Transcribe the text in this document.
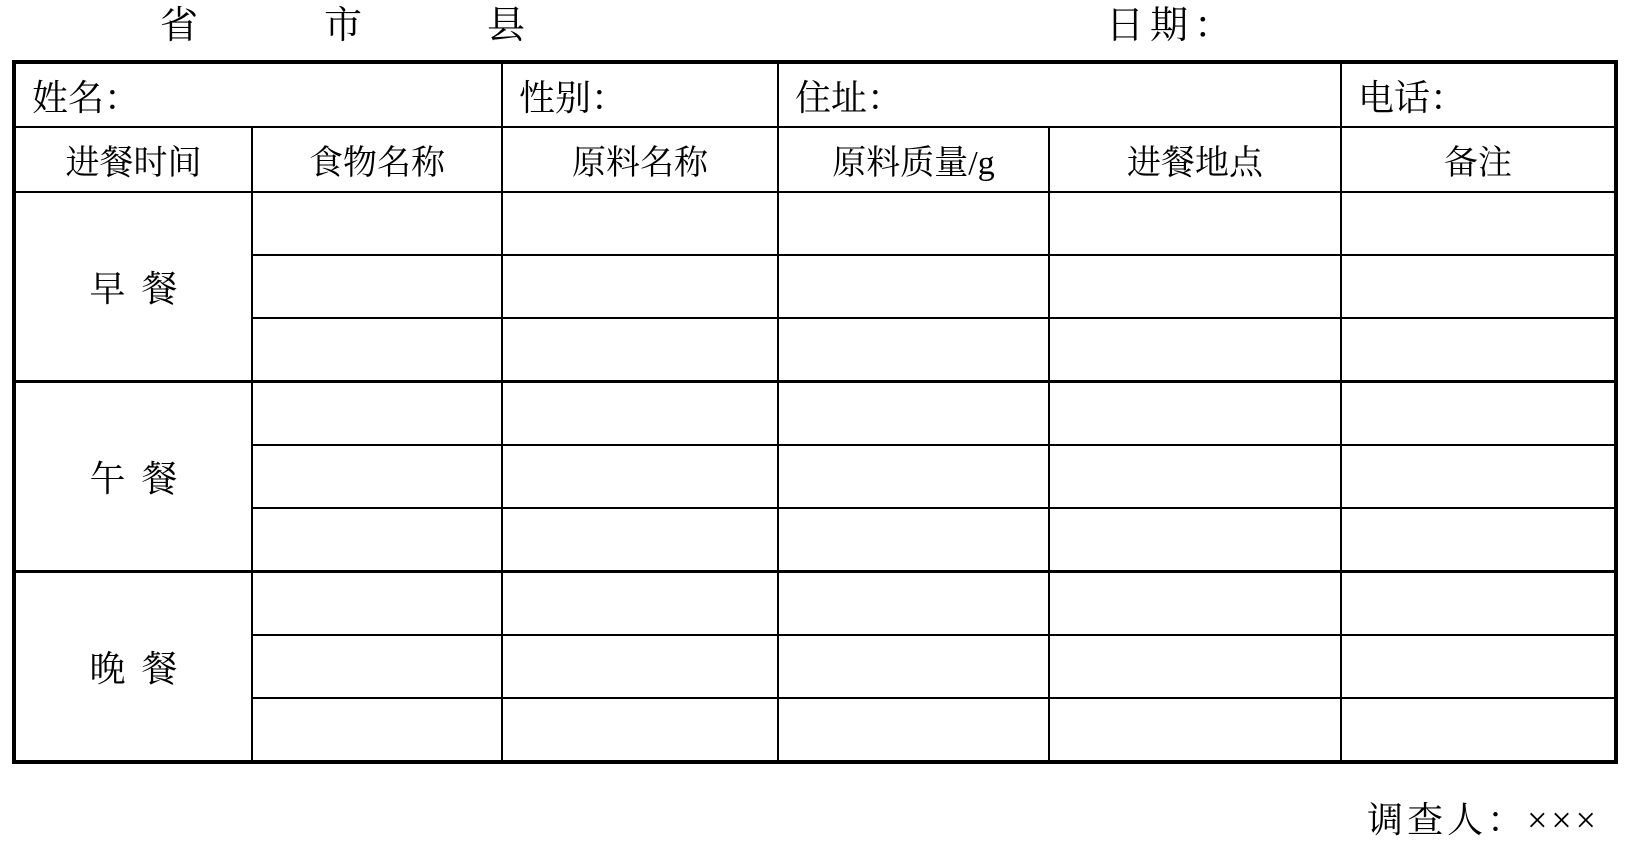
省	市	县	日期：
姓名：		性别：	住址：		电话：
进餐时间	食物名称	原料名称	原料质量/g	进餐地点	备注
早餐					

午餐					

晚餐					

调查人：×××
